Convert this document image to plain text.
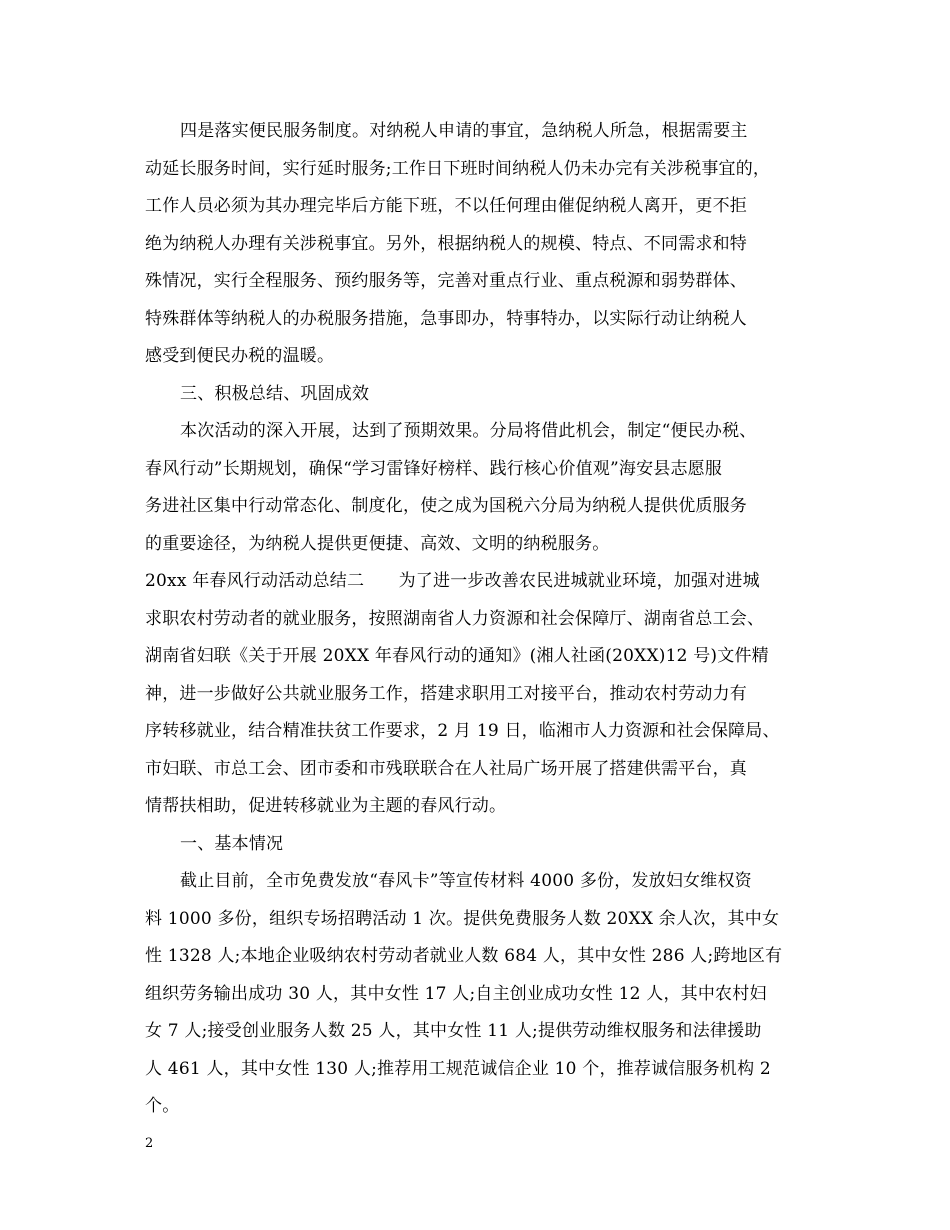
四是落实便民服务制度。对纳税人申请的事宜，急纳税人所急，根据需要主
动延长服务时间，实行延时服务;工作日下班时间纳税人仍未办完有关涉税事宜的，
工作人员必须为其办理完毕后方能下班，不以任何理由催促纳税人离开，更不拒
绝为纳税人办理有关涉税事宜。另外，根据纳税人的规模、特点、不同需求和特
殊情况，实行全程服务、预约服务等，完善对重点行业、重点税源和弱势群体、
特殊群体等纳税人的办税服务措施，急事即办，特事特办，以实际行动让纳税人
感受到便民办税的温暖。
三、积极总结、巩固成效
本次活动的深入开展，达到了预期效果。分局将借此机会，制定“便民办税、
春风行动”长期规划，确保“学习雷锋好榜样、践行核心价值观”海安县志愿服
务进社区集中行动常态化、制度化，使之成为国税六分局为纳税人提供优质服务
的重要途径，为纳税人提供更便捷、高效、文明的纳税服务。
20xx 年春风行动活动总结二　　为了进一步改善农民进城就业环境，加强对进城
求职农村劳动者的就业服务，按照湖南省人力资源和社会保障厅、湖南省总工会、
湖南省妇联《关于开展 20XX 年春风行动的通知》(湘人社函(20XX)12 号)文件精
神，进一步做好公共就业服务工作，搭建求职用工对接平台，推动农村劳动力有
序转移就业，结合精准扶贫工作要求，2 月 19 日，临湘市人力资源和社会保障局、
市妇联、市总工会、团市委和市残联联合在人社局广场开展了搭建供需平台，真
情帮扶相助，促进转移就业为主题的春风行动。
一、基本情况
截止目前，全市免费发放“春风卡”等宣传材料 4000 多份，发放妇女维权资
料 1000 多份，组织专场招聘活动 1 次。提供免费服务人数 20XX 余人次，其中女
性 1328 人;本地企业吸纳农村劳动者就业人数 684 人，其中女性 286 人;跨地区有
组织劳务输出成功 30 人，其中女性 17 人;自主创业成功女性 12 人，其中农村妇
女 7 人;接受创业服务人数 25 人，其中女性 11 人;提供劳动维权服务和法律援助
人 461 人，其中女性 130 人;推荐用工规范诚信企业 10 个，推荐诚信服务机构 2
个。
2
